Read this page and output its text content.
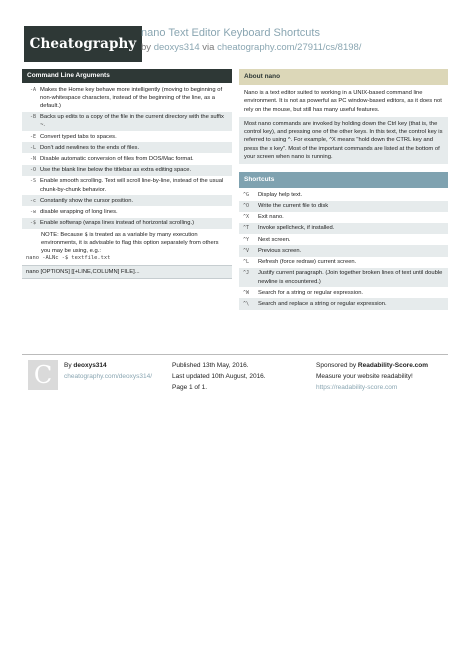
Cheatography
nano Text Editor Keyboard Shortcuts
by deoxys314 via cheatography.com/27911/cs/8198/
Command Line Arguments
-A Makes the Home key behave more intelligently (moving to beginning of non-whitespace characters, instead of the beginning of the line, as a default.)
-B Backs up edits to a copy of the file in the current directory with the suffix ~.
-E Convert typed tabs to spaces.
-L Don't add newlines to the ends of files.
-N Disable automatic conversion of files from DOS/Mac format.
-O Use the blank line below the titlebar as extra editing space.
-S Enable smooth scrolling. Text will scroll line-by-line, instead of the usual chunk-by-chunk behavior.
-c Constantly show the cursor position.
-w disable wrapping of long lines.
-$ Enable softwrap (wraps lines instead of horizontal scrolling.)
NOTE: Because $ is treated as a variable by many execution environments, it is advisable to flag this option separately from others you may be using, e.g.:
nano -ALNc -$ textfile.txt
nano [OPTIONS] [[+LINE,COLUMN] FILE]...
About nano
Nano is a text editor suited to working in a UNIX-based command line environment. It is not as powerful as PC window-based editors, as it does not rely on the mouse, but still has many useful features.
Most nano commands are invoked by holding down the Ctrl key (that is, the control key), and pressing one of the other keys. In this text, the control key is referred to using ^. For example, ^X means "hold down the CTRL key and press the x key". Most of the important commands are listed at the bottom of your screen when nano is running.
Shortcuts
^G	Display help text.
^O	Write the current file to disk
^X	Exit nano.
^T	Invoke spellcheck, if installed.
^Y	Next screen.
^V	Previous screen.
^L	Refresh (force redraw) current screen.
^J	Justify current paragraph. (Join together broken lines of text until double newline is encountered.)
^W	Search for a string or regular expression.
^\	Search and replace a string or regular expression.
C	By deoxys314
cheatography.com/deoxys314/
Published 13th May, 2016.
Last updated 10th August, 2016.
Page 1 of 1.
Sponsored by Readability-Score.com
Measure your website readability!
https://readability-score.com
